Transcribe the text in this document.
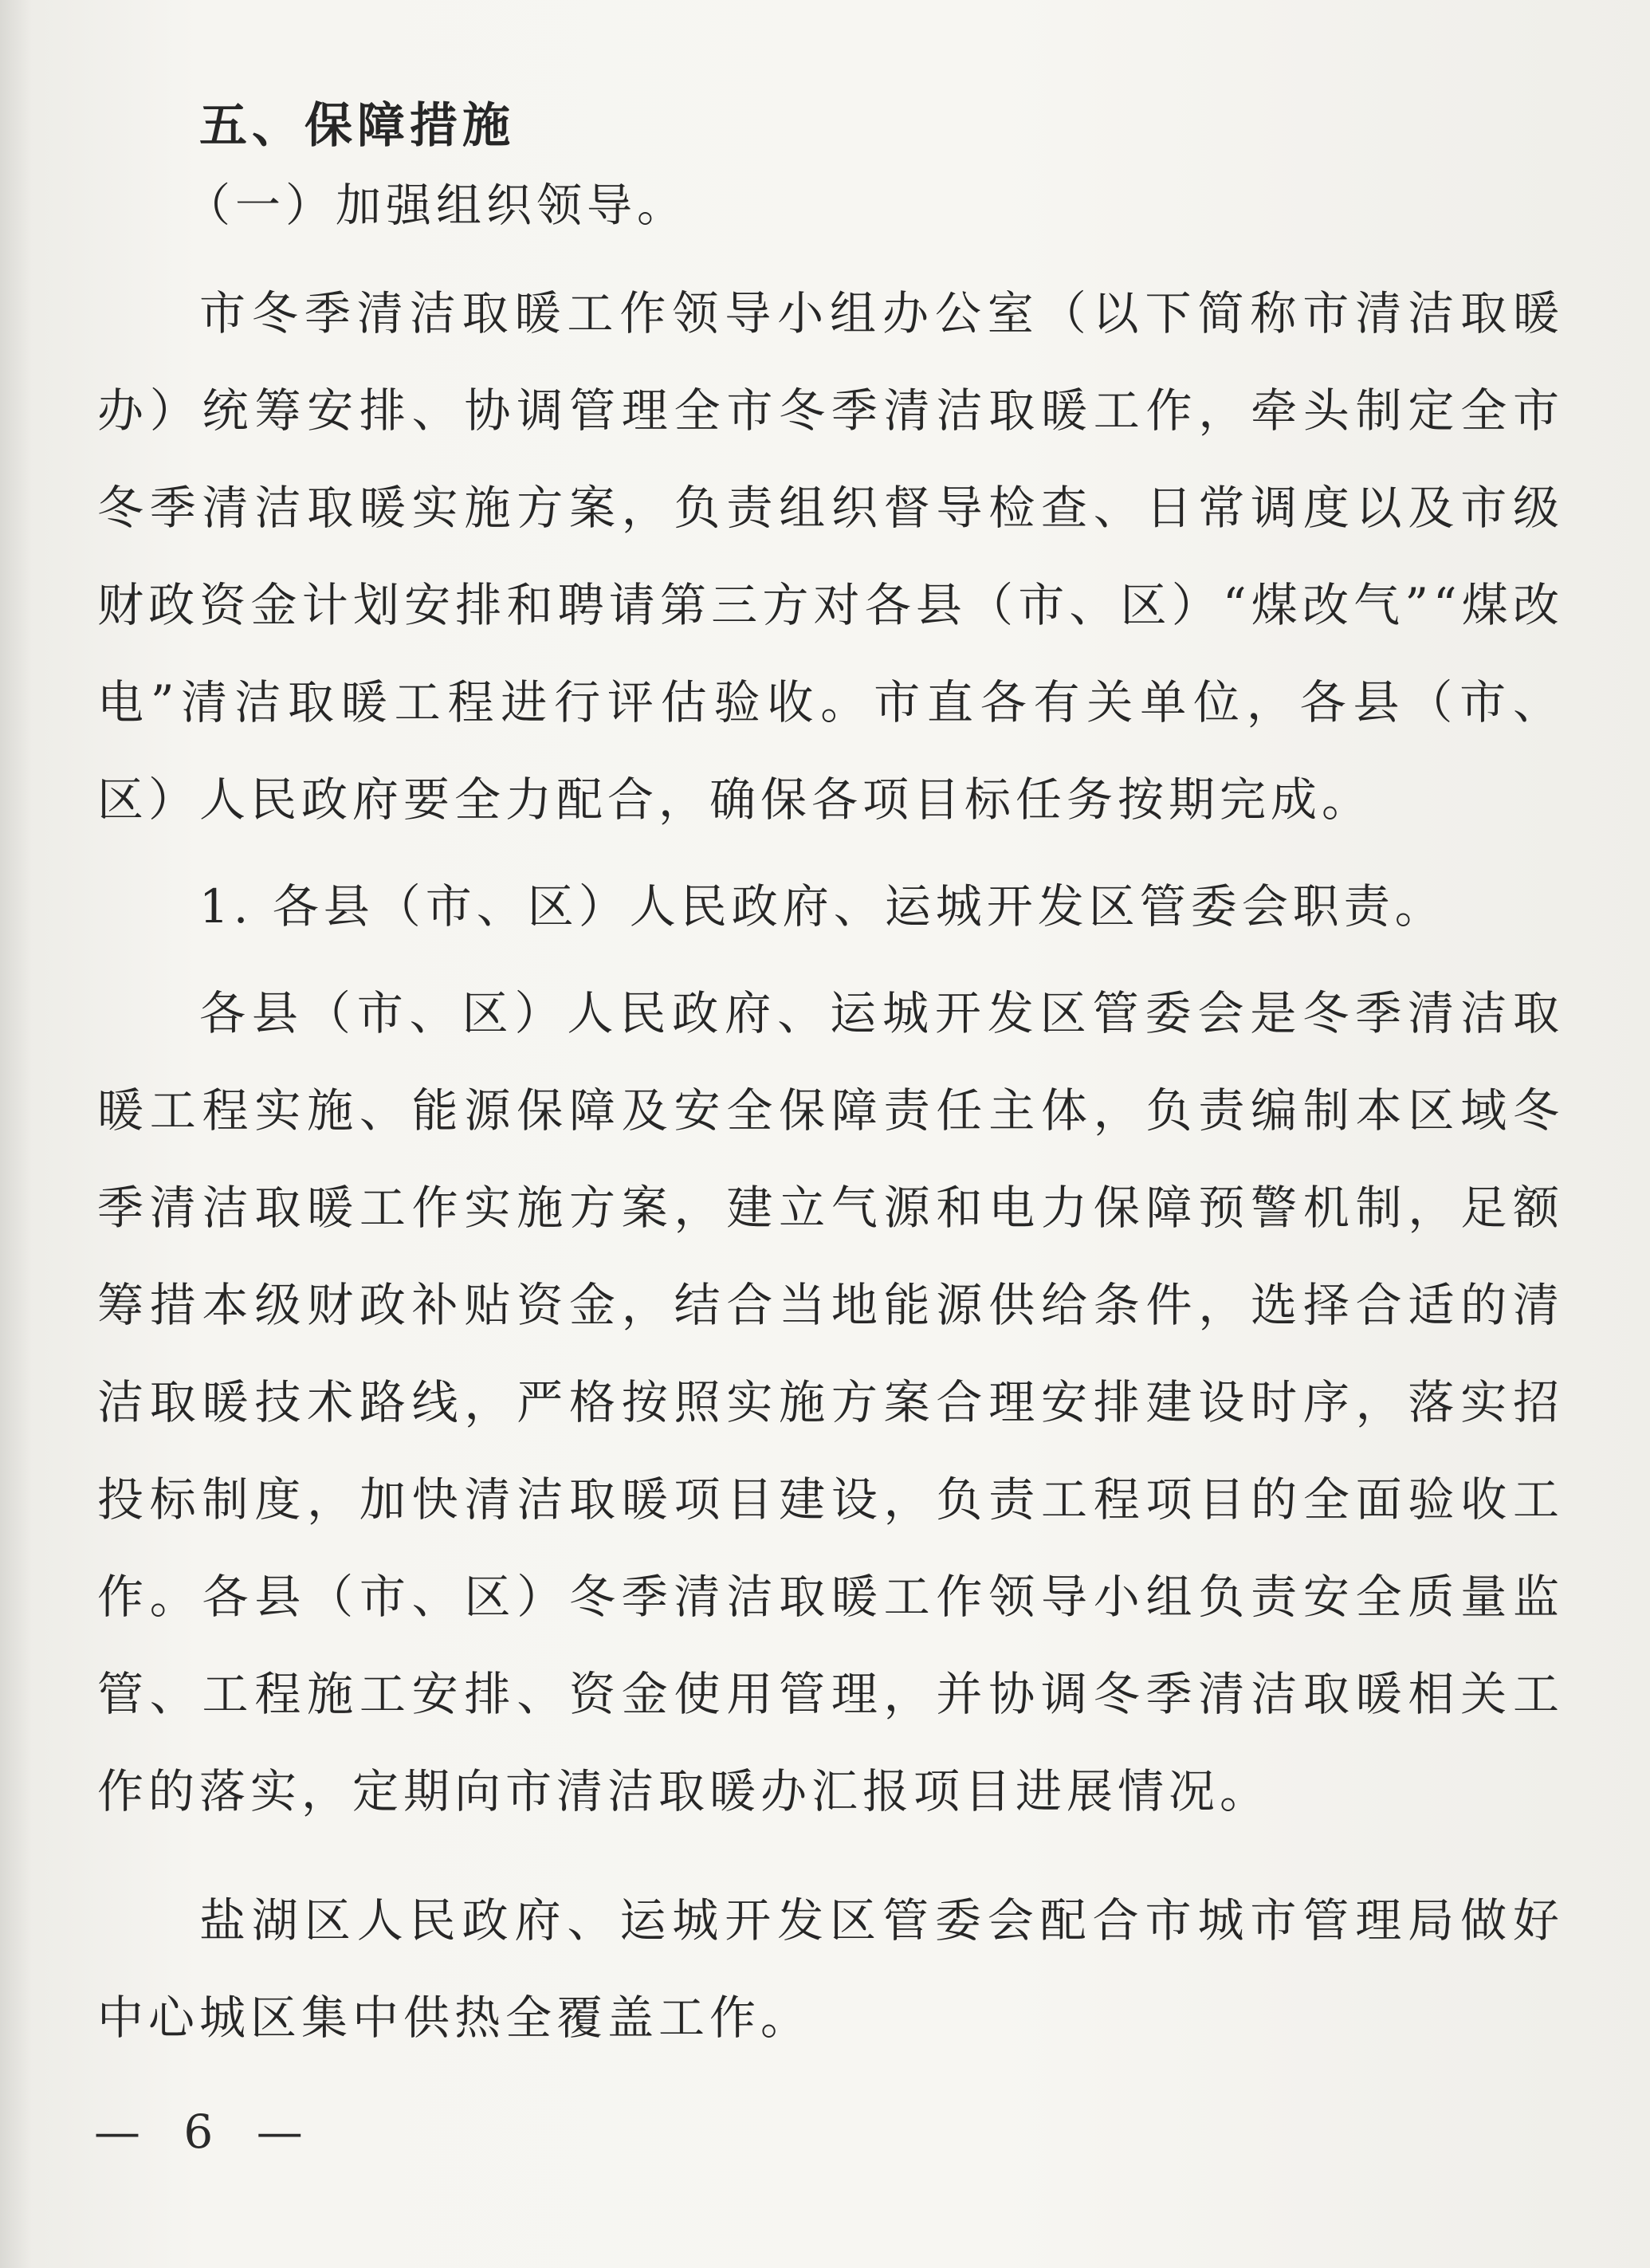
五、保障措施
（一）加强组织领导。

市冬季清洁取暖工作领导小组办公室（以下简称市清洁取暖办）统筹安排、协调管理全市冬季清洁取暖工作，牵头制定全市冬季清洁取暖实施方案，负责组织督导检查、日常调度以及市级财政资金计划安排和聘请第三方对各县（市、区）“煤改气”“煤改电”清洁取暖工程进行评估验收。市直各有关单位，各县（市、区）人民政府要全力配合，确保各项目标任务按期完成。

1. 各县（市、区）人民政府、运城开发区管委会职责。

各县（市、区）人民政府、运城开发区管委会是冬季清洁取暖工程实施、能源保障及安全保障责任主体，负责编制本区域冬季清洁取暖工作实施方案，建立气源和电力保障预警机制，足额筹措本级财政补贴资金，结合当地能源供给条件，选择合适的清洁取暖技术路线，严格按照实施方案合理安排建设时序，落实招投标制度，加快清洁取暖项目建设，负责工程项目的全面验收工作。各县（市、区）冬季清洁取暖工作领导小组负责安全质量监管、工程施工安排、资金使用管理，并协调冬季清洁取暖相关工作的落实，定期向市清洁取暖办汇报项目进展情况。

盐湖区人民政府、运城开发区管委会配合市城市管理局做好中心城区集中供热全覆盖工作。

— 6 —
